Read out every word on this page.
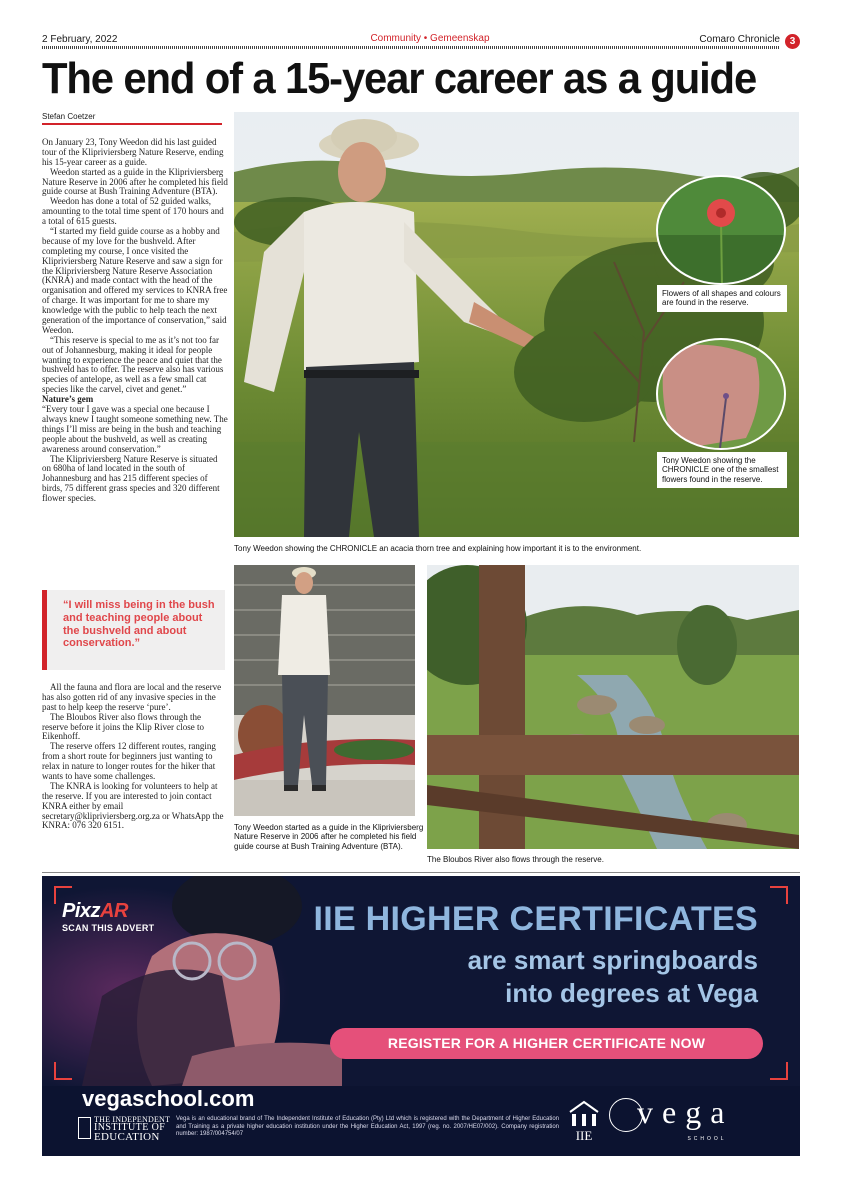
2 February, 2022	Community • Gemeenskap	Comaro Chronicle 3
The end of a 15-year career as a guide
Stefan Coetzer

On January 23, Tony Weedon did his last guided tour of the Klipriviersberg Nature Reserve, ending his 15-year career as a guide.

Weedon started as a guide in the Klipriviersberg Nature Reserve in 2006 after he completed his field guide course at Bush Training Adventure (BTA).

Weedon has done a total of 52 guided walks, amounting to the total time spent of 170 hours and a total of 615 guests.

“I started my field guide course as a hobby and because of my love for the bushveld. After completing my course, I once visited the Klipriviersberg Nature Reserve and saw a sign for the Klipriviersberg Nature Reserve Association (KNRA) and made contact with the head of the organisation and offered my services to KNRA free of charge. It was important for me to share my knowledge with the public to help teach the next generation of the importance of conservation,” said Weedon.

“This reserve is special to me as it’s not too far out of Johannesburg, making it ideal for people wanting to experience the peace and quiet that the bushveld has to offer. The reserve also has various species of antelope, as well as a few small cat species like the carvel, civet and genet.”

Nature’s gem

“Every tour I gave was a special one because I always knew I taught someone something new. The things I’ll miss are being in the bush and teaching people about the bushveld, as well as creating awareness around conservation.”

The Klipriviersberg Nature Reserve is situated on 680ha of land located in the south of Johannesburg and has 215 different species of birds, 75 different grass species and 320 different flower species.

“I will miss being in the bush and teaching people about the bushveld and about conservation.”

All the fauna and flora are local and the reserve has also gotten rid of any invasive species in the past to help keep the reserve ‘pure’.

The Bloubos River also flows through the reserve before it joins the Klip River close to Eikenhoff.

The reserve offers 12 different routes, ranging from a short route for beginners just wanting to relax in nature to longer routes for the hiker that wants to have some challenges.

The KNRA is looking for volunteers to help at the reserve. If you are interested to join contact KNRA either by email secretary@klipriviersberg.org.za or WhatsApp the KNRA: 076 320 6151.

Flowers of all shapes and colours are found in the reserve.
Tony Weedon showing the CHRONICLE one of the smallest flowers found in the reserve.
Tony Weedon showing the CHRONICLE an acacia thorn tree and explaining how important it is to the environment.
Tony Weedon started as a guide in the Klipriviersberg Nature Reserve in 2006 after he completed his field guide course at Bush Training Adventure (BTA).
The Bloubos River also flows through the reserve.
PixzAR
SCAN THIS ADVERT	IIE HIGHER CERTIFICATES
are smart springboards
into degrees at Vega
REGISTER FOR A HIGHER CERTIFICATE NOW
vegaschool.com
THE INDEPENDENT
INSTITUTE OF
EDUCATION
Vega is an educational brand of The Independent Institute of Education (Pty) Ltd which is registered with the Department of Higher Education and Training as a private higher education institution under the Higher Education Act, 1997 (reg. no. 2007/HE07/002). Company registration number: 1987/004754/07	IIE
vega
SCHOOL
